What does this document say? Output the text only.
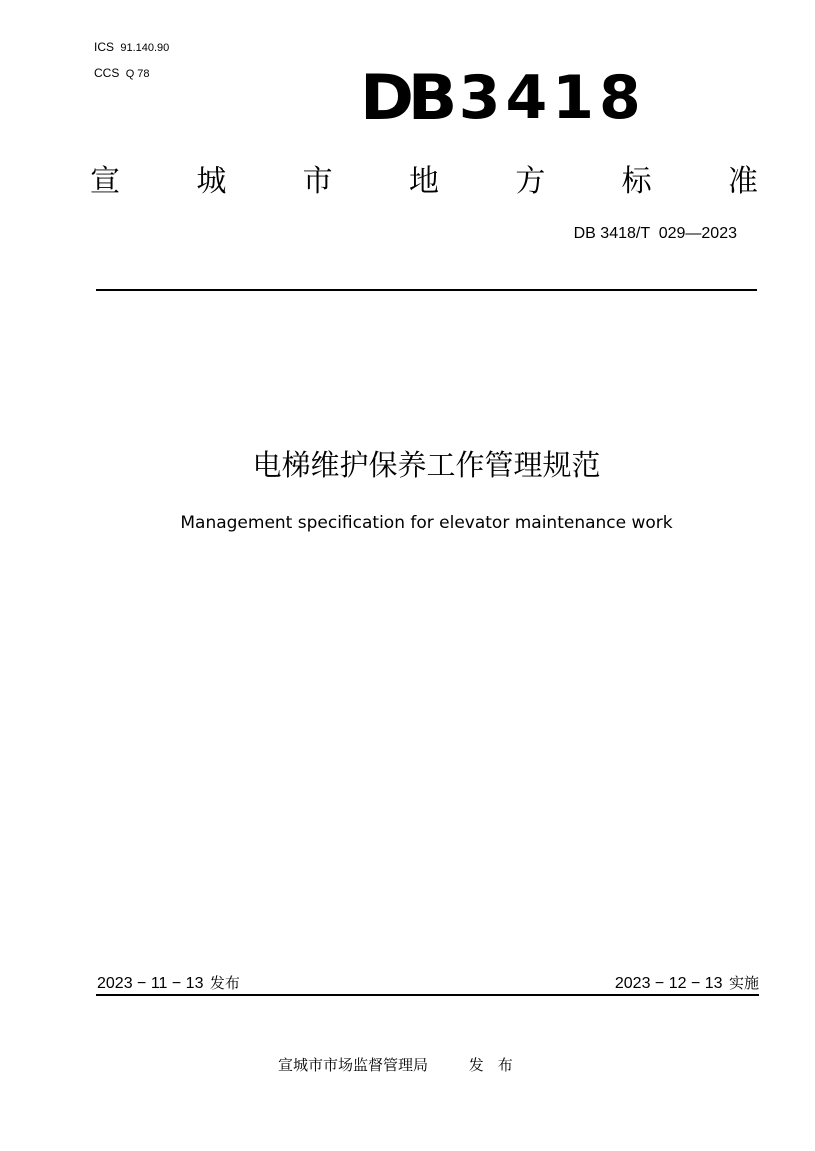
ICS 91.140.90
CCS Q 78	DB 3418
宣	城	市	地	方	标	准
DB 3418/T  029—2023
电梯维护保养工作管理规范
Management specification for elevator maintenance work
2023 − 11 − 13 发布	2023 − 12 − 13 实施
宣城市市场监督管理局	发布
